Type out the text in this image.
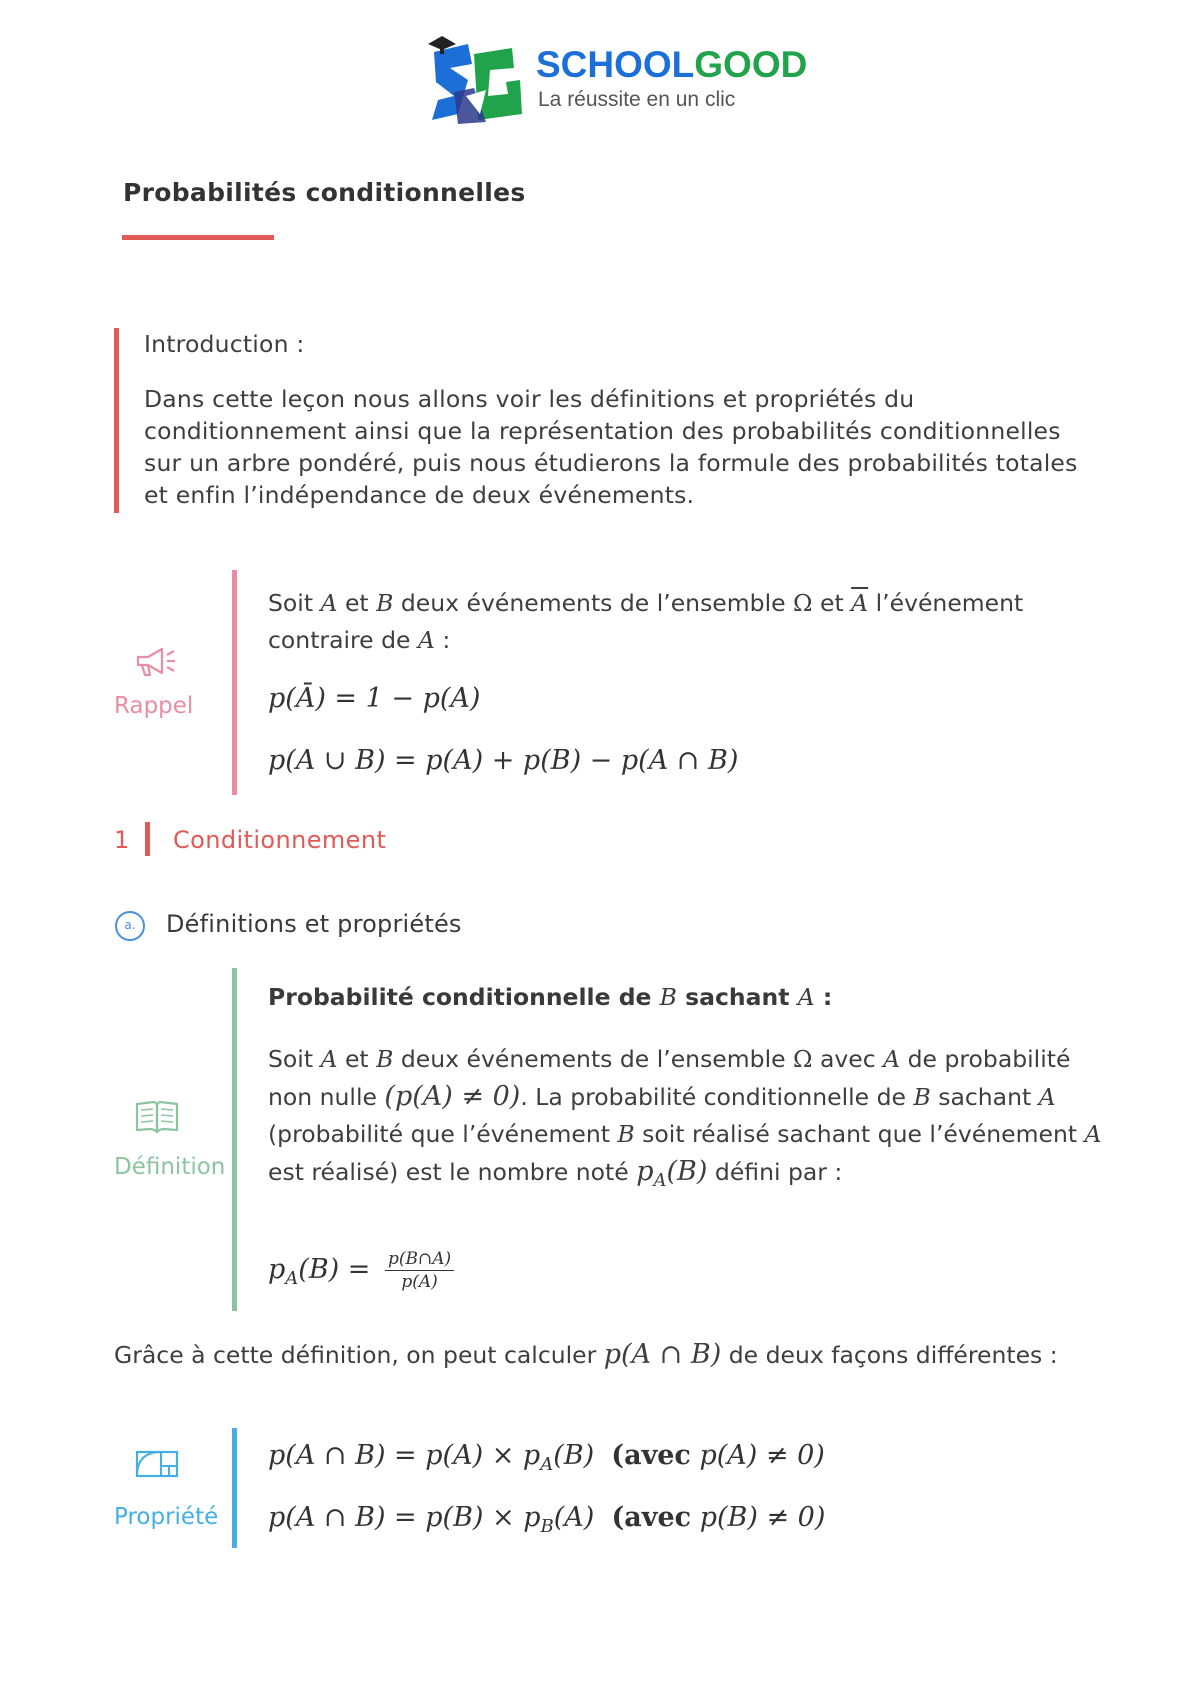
SCHOOLGOOD
La réussite en un clic
Probabilités conditionnelles
Introduction :
Dans cette leçon nous allons voir les définitions et propriétés du conditionnement ainsi que la représentation des probabilités conditionnelles sur un arbre pondéré, puis nous étudierons la formule des probabilités totales et enfin l’indépendance de deux événements.
Rappel
Soit A et B deux événements de l’ensemble Ω et $\overline{A}$ l’événement contraire de A :
p(Ā) = 1 − p(A)
p(A ∪ B) = p(A) + p(B) − p(A ∩ B)
1 Conditionnement
a.	Définitions et propriétés
Définition
Probabilité conditionnelle de B sachant A :
Soit A et B deux événements de l’ensemble Ω avec A de probabilité non nulle (p(A) ≠ 0). La probabilité conditionnelle de B sachant A (probabilité que l’événement B soit réalisé sachant que l’événement A est réalisé) est le nombre noté $p_A(B)$ défini par :
$p_A(B) = \frac{p(B\cap A)}{p(A)}$
Grâce à cette définition, on peut calculer p(A ∩ B) de deux façons différentes :
Propriété
p(A ∩ $B) = p(A) \times p_A(B)$ (avec p(A) ≠ 0)
p(A ∩ $B) = p(B) \times p_B(A)$ (avec p(B) ≠ 0)
